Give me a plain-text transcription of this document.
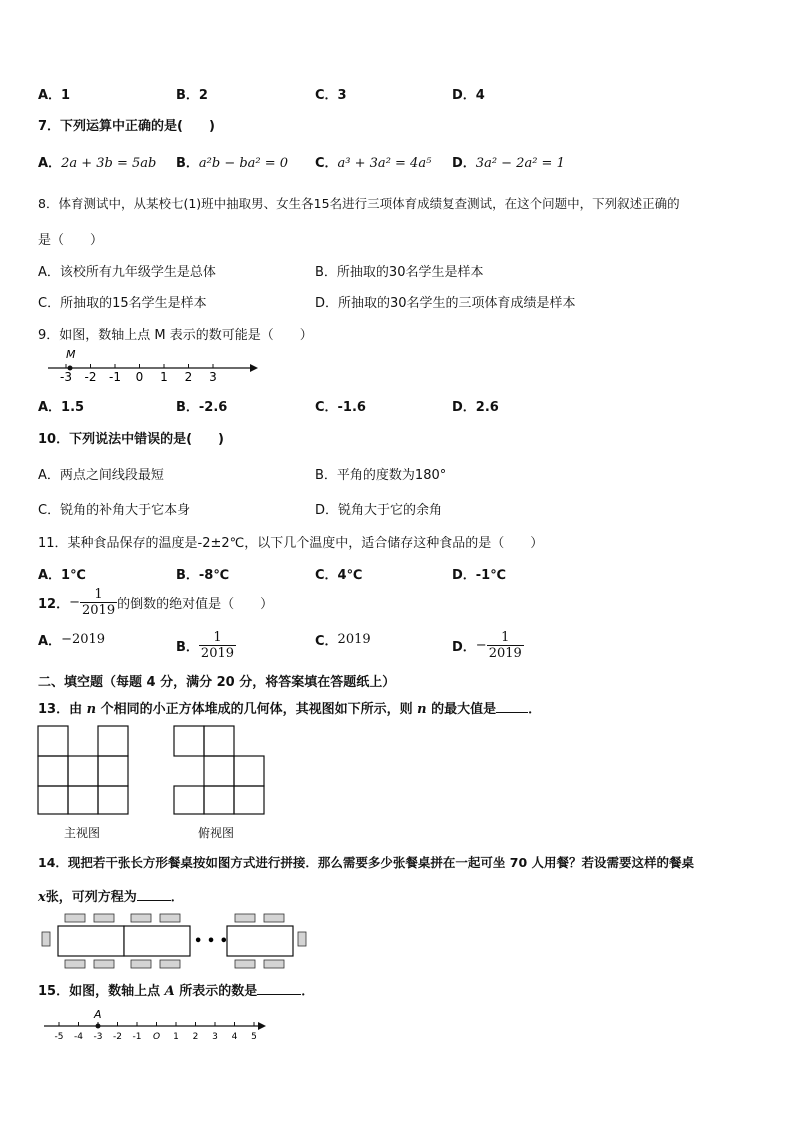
A．1	B．2	C．3	D．4
7．下列运算中正确的是(　　)
A．2a + 3b = 5ab B．a²b − ba² = 0 C．a³ + 3a² = 4a⁵ D．3a² − 2a² = 1
8．体育测试中，从某校七(1)班中抽取男、女生各15名进行三项体育成绩复查测试，在这个问题中，下列叙述正确的
是（　　）
A．该校所有九年级学生是总体	B．所抽取的30名学生是样本
C．所抽取的15名学生是样本	D．所抽取的30名学生的三项体育成绩是样本
9．如图，数轴上点 M 表示的数可能是（　　）
-3 -2 -1 0 1 2 3
M
A．1.5	B．-2.6	C．-1.6	D．2.6
10．下列说法中错误的是(　　)
A．两点之间线段最短	B．平角的度数为180°
C．锐角的补角大于它本身	D．锐角大于它的余角
11．某种食品保存的温度是-2±2℃，以下几个温度中，适合储存这种食品的是（　　）
A．1℃	B．-8℃	C．4℃	D．-1℃
12．− $\frac{1}{2019}$ 的倒数的绝对值是（　　）
A．−2019
B． $\frac{1}{2019}$	C．2019
D．− $\frac{1}{2019}$
二、填空题（每题 4 分，满分 20 分，将答案填在答题纸上）
13．由 n 个相同的小正方体堆成的几何体，其视图如下所示，则 n 的最大值是 ．
主视图	俯视图
14．现把若干张长方形餐桌按如图方式进行拼接．那么需要多少张餐桌拼在一起可坐 70 人用餐？若设需要这样的餐桌
x张，可列方程为	．
• • •
15．如图，数轴上点 A 所表示的数是	．
-5 -4 -3 -2 -1 O 1 2 3 4 5
A
